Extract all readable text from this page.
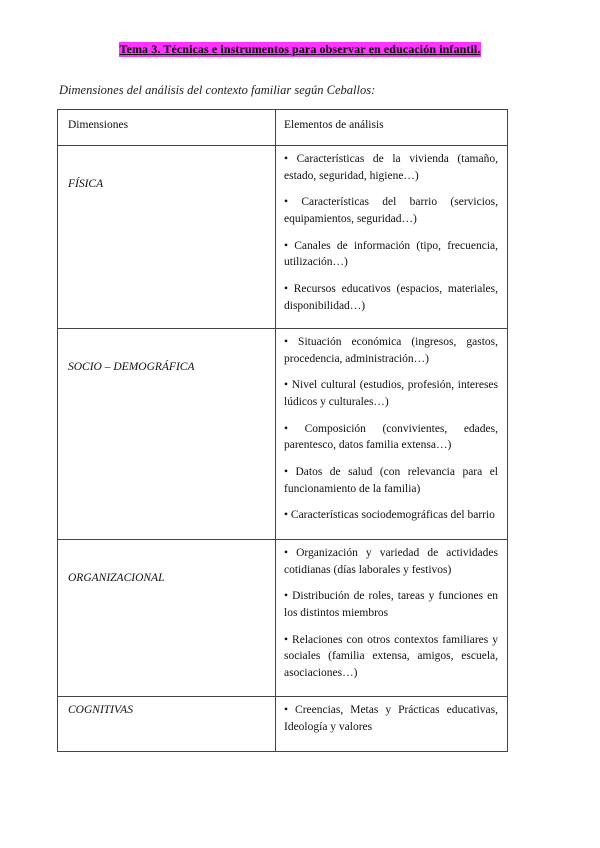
Tema 3. Técnicas e instrumentos para observar en educación infantil.
Dimensiones del análisis del contexto familiar según Ceballos:
Dimensiones	Elementos de análisis

FÍSICA	• Características de la vivienda (tamaño, estado, seguridad, higiene…)

• Características del barrio (servicios, equipamientos, seguridad…)

• Canales de información (tipo, frecuencia, utilización…)

• Recursos educativos (espacios, materiales, disponibilidad…)

SOCIO – DEMOGRÁFICA	• Situación económica (ingresos, gastos, procedencia, administración…)

• Nivel cultural (estudios, profesión, intereses lúdicos y culturales…)

• Composición (convivientes, edades, parentesco, datos familia extensa…)

• Datos de salud (con relevancia para el funcionamiento de la familia)

• Características sociodemográficas del barrio

ORGANIZACIONAL	• Organización y variedad de actividades cotidianas (días laborales y festivos)

• Distribución de roles, tareas y funciones en los distintos miembros

• Relaciones con otros contextos familiares y sociales (familia extensa, amigos, escuela, asociaciones…)

COGNITIVAS	• Creencias, Metas y Prácticas educativas, Ideología y valores
